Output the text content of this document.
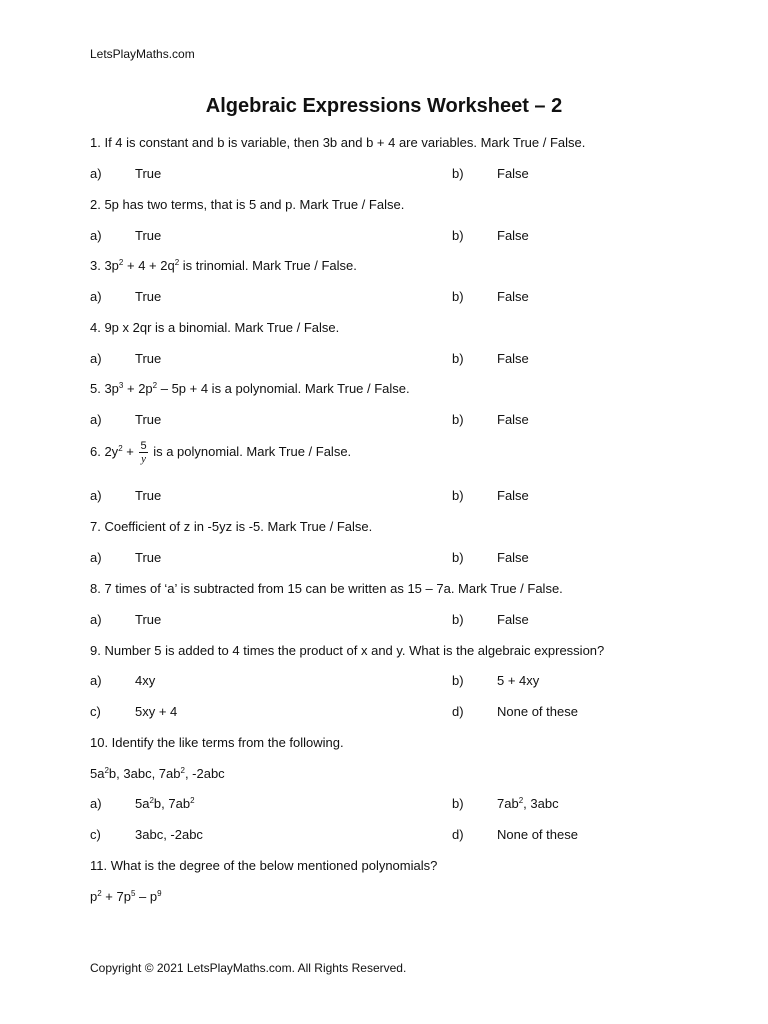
LetsPlayMaths.com
Algebraic Expressions Worksheet – 2
1. If 4 is constant and b is variable, then 3b and b + 4 are variables. Mark True / False.
a)	True	b)	False
2. 5p has two terms, that is 5 and p. Mark True / False.
a)	True	b)	False
3. $3p^2 + 4 + 2q^2$ is trinomial. Mark True / False.
a)	True	b)	False
4. 9p x 2qr is a binomial. Mark True / False.
a)	True	b)	False
5. $3p^3 + 2p^2 - 5p + 4$ is a polynomial. Mark True / False.
a)	True	b)	False
6. $2y^2 + \frac{5}{y}$ is a polynomial. Mark True / False.
a)	True	b)	False
7. Coefficient of z in -5yz is -5. Mark True / False.
a)	True	b)	False
8. 7 times of ‘a’ is subtracted from 15 can be written as 15 – 7a. Mark True / False.
a)	True	b)	False
9. Number 5 is added to 4 times the product of x and y. What is the algebraic expression?
a)	4xy	b)	5 + 4xy
c)	5xy + 4	d)	None of these
10. Identify the like terms from the following.
$5a^2b$, 3abc, $7ab^2$, -2abc
a)	$5a^2b$, $7ab^2$	b)	$7ab^2$, 3abc
c)	3abc, -2abc	d)	None of these
11. What is the degree of the below mentioned polynomials?
$p^2 + 7p^5 - p^9$
Copyright © 2021 LetsPlayMaths.com. All Rights Reserved.
